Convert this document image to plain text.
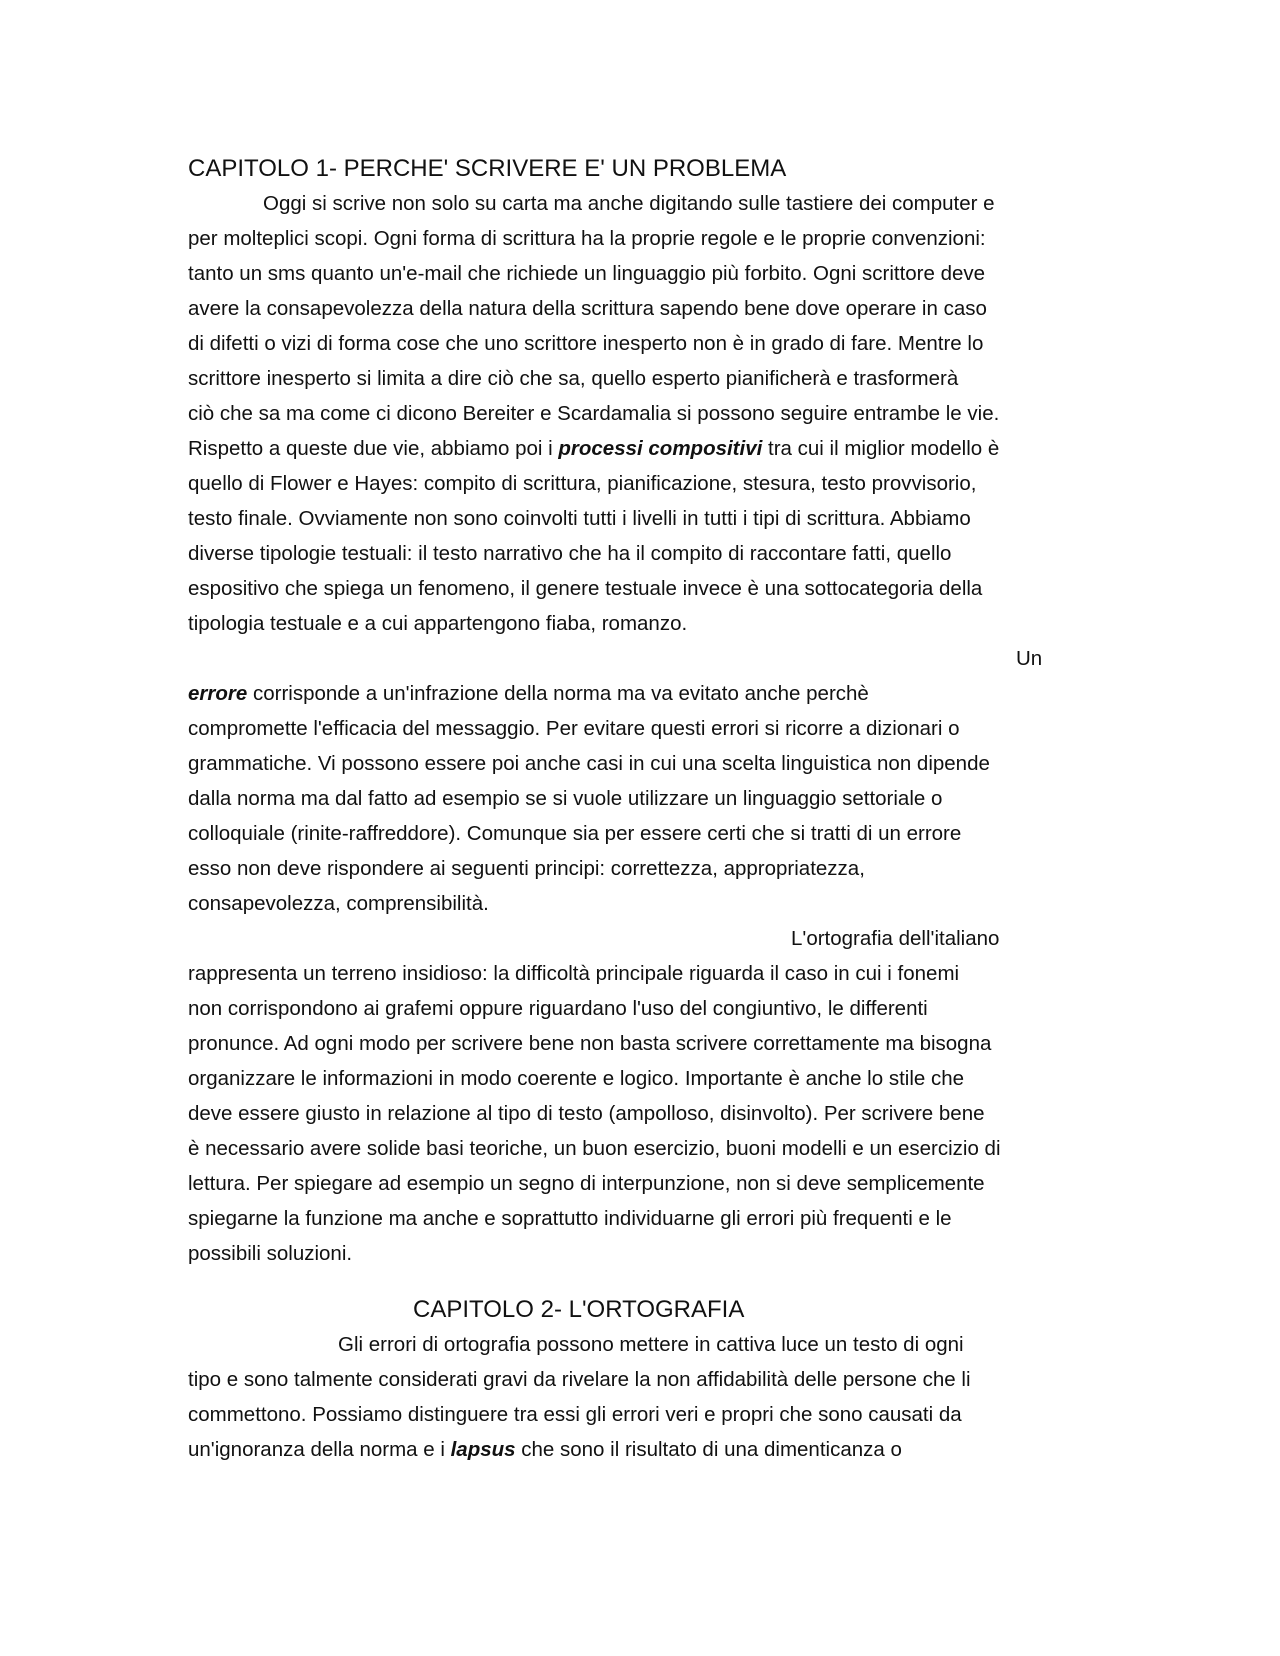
CAPITOLO 1- PERCHE' SCRIVERE E' UN PROBLEMA

Oggi si scrive non solo su carta ma anche digitando sulle tastiere dei computer e

per molteplici scopi. Ogni forma di scrittura ha la proprie regole e le proprie convenzioni:

tanto un sms quanto un'e-mail che richiede un linguaggio più forbito. Ogni scrittore deve

avere la consapevolezza della natura della scrittura sapendo bene dove operare in caso

di difetti o vizi di forma cose che uno scrittore inesperto non è in grado di fare. Mentre lo

scrittore inesperto si limita a dire ciò che sa, quello esperto pianificherà e trasformerà

ciò che sa ma come ci dicono Bereiter e Scardamalia si possono seguire entrambe le vie.

Rispetto a queste due vie, abbiamo poi i processi compositivi tra cui il miglior modello è

quello di Flower e Hayes: compito di scrittura, pianificazione, stesura, testo provvisorio,

testo finale. Ovviamente non sono coinvolti tutti i livelli in tutti i tipi di scrittura. Abbiamo

diverse tipologie testuali: il testo narrativo che ha il compito di raccontare fatti, quello

espositivo che spiega un fenomeno, il genere testuale invece è una sottocategoria della

tipologia testuale e a cui appartengono fiaba, romanzo.

Un

errore corrisponde a un'infrazione della norma ma va evitato anche perchè

compromette l'efficacia del messaggio. Per evitare questi errori si ricorre a dizionari o

grammatiche. Vi possono essere poi anche casi in cui una scelta linguistica non dipende

dalla norma ma dal fatto ad esempio se si vuole utilizzare un linguaggio settoriale o

colloquiale (rinite-raffreddore). Comunque sia per essere certi che si tratti di un errore

esso non deve rispondere ai seguenti principi: correttezza, appropriatezza,

consapevolezza, comprensibilità.

L'ortografia dell'italiano

rappresenta un terreno insidioso: la difficoltà principale riguarda il caso in cui i fonemi

non corrispondono ai grafemi oppure riguardano l'uso del congiuntivo, le differenti

pronunce. Ad ogni modo per scrivere bene non basta scrivere correttamente ma bisogna

organizzare le informazioni in modo coerente e logico. Importante è anche lo stile che

deve essere giusto in relazione al tipo di testo (ampolloso, disinvolto). Per scrivere bene

è necessario avere solide basi teoriche, un buon esercizio, buoni modelli e un esercizio di

lettura. Per spiegare ad esempio un segno di interpunzione, non si deve semplicemente

spiegarne la funzione ma anche e soprattutto individuarne gli errori più frequenti e le

possibili soluzioni.

CAPITOLO 2- L'ORTOGRAFIA

Gli errori di ortografia possono mettere in cattiva luce un testo di ogni

tipo e sono talmente considerati gravi da rivelare la non affidabilità delle persone che li

commettono. Possiamo distinguere tra essi gli errori veri e propri che sono causati da

un'ignoranza della norma e i lapsus che sono il risultato di una dimenticanza o
